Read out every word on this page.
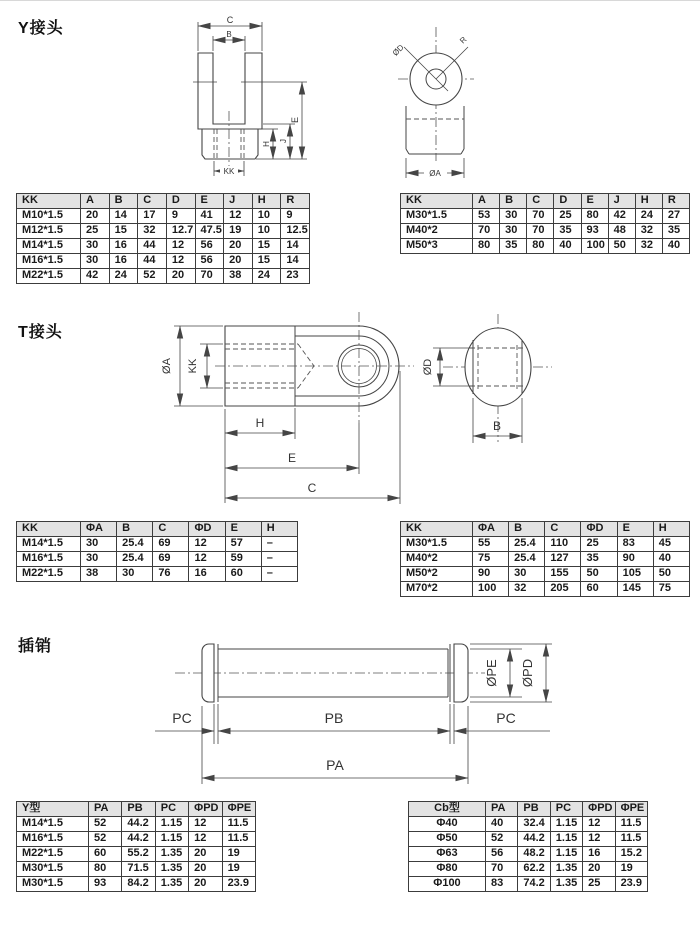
Y接头	C
B
KK
H
J
E
ØD
R
ØA
KK	A	B	C	D	E	J	H	R
M10*1.5	20	14	17	9	41	12	10	9
M12*1.5	25	15	32	12.7	47.5	19	10	12.5
M14*1.5	30	16	44	12	56	20	15	14
M16*1.5	30	16	44	12	56	20	15	14
M22*1.5	42	24	52	20	70	38	24	23
KK	A	B	C	D	E	J	H	R
M30*1.5	53	30	70	25	80	42	24	27
M40*2	70	30	70	35	93	48	32	35
M50*3	80	35	80	40	100	50	32	40
T接头
ØA KK
H
E
C
ØD
B
KK	ΦA	B	C	ΦD	E	H
M14*1.5	30	25.4	69	12	57	–
M16*1.5	30	25.4	69	12	59	–
M22*1.5	38	30	76	16	60	–
KK	ΦA	B	C	ΦD	E	H
M30*1.5	55	25.4	110	25	83	45
M40*2	75	25.4	127	35	90	40
M50*2	90	30	155	50	105	50
M70*2	100	32	205	60	145	75
插销
ØPE ØPD
PC	PB	PC
PA
Y型	PA	PB	PC	ΦPD	ΦPE
M14*1.5	52	44.2	1.15	12	11.5
M16*1.5	52	44.2	1.15	12	11.5
M22*1.5	60	55.2	1.35	20	19
M30*1.5	80	71.5	1.35	20	19
M30*1.5	93	84.2	1.35	20	23.9
Cb型	PA	PB	PC	ΦPD	ΦPE
Φ40	40	32.4	1.15	12	11.5
Φ50	52	44.2	1.15	12	11.5
Φ63	56	48.2	1.15	16	15.2
Φ80	70	62.2	1.35	20	19
Φ100	83	74.2	1.35	25	23.9
